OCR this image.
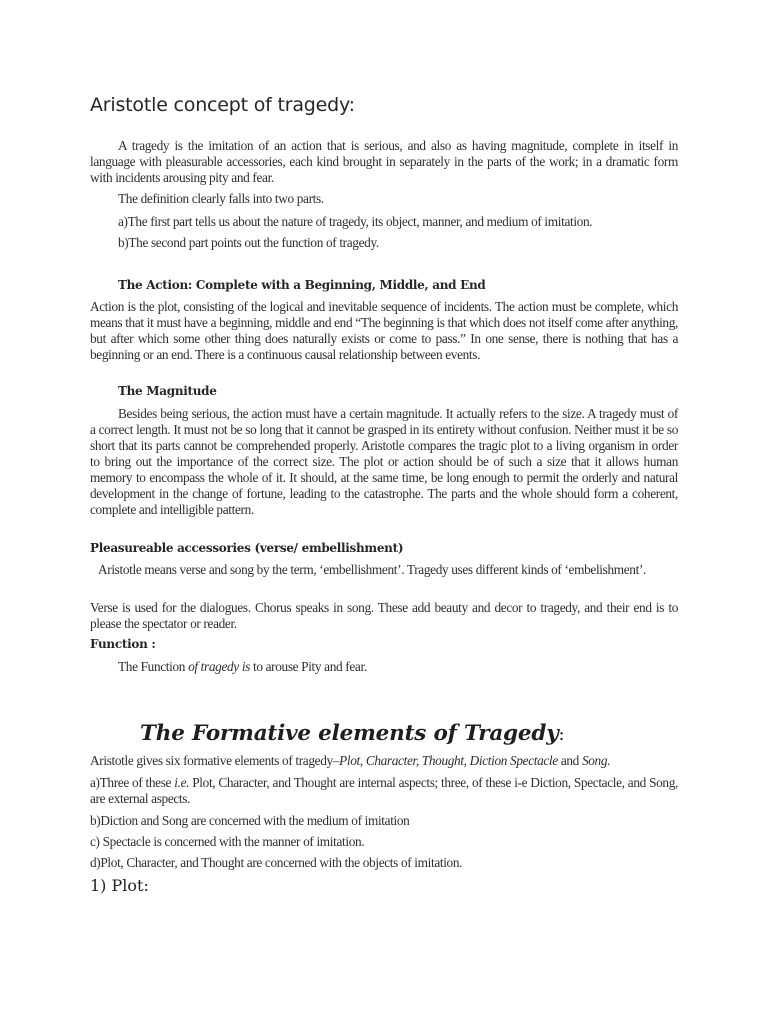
Aristotle concept of tragedy:

A tragedy is the imitation of an action that is serious, and also as having magnitude, complete in itself in language with pleasurable accessories, each kind brought in separately in the parts of the work; in a dramatic form with incidents arousing pity and fear.

The definition clearly falls into two parts.

a)The first part tells us about the nature of tragedy, its object, manner, and medium of imitation.

b)The second part points out the function of tragedy.

The Action: Complete with a Beginning, Middle, and End

Action is the plot, consisting of the logical and inevitable sequence of incidents. The action must be complete, which means that it must have a beginning, middle and end “The beginning is that which does not itself come after anything, but after which some other thing does naturally exists or come to pass.” In one sense, there is nothing that has a beginning or an end. There is a continuous causal relationship between events.

The Magnitude

Besides being serious, the action must have a certain magnitude. It actually refers to the size. A tragedy must of a correct length. It must not be so long that it cannot be grasped in its entirety without confusion. Neither must it be so short that its parts cannot be comprehended properly. Aristotle compares the tragic plot to a living organism in order to bring out the importance of the correct size. The plot or action should be of such a size that it allows human memory to encompass the whole of it. It should, at the same time, be long enough to permit the orderly and natural development in the change of fortune, leading to the catastrophe. The parts and the whole should form a coherent, complete and intelligible pattern.

Pleasureable accessories (verse/ embellishment)

Aristotle means verse and song by the term, ‘embellishment’. Tragedy uses different kinds of ‘embelishment’.

Verse is used for the dialogues. Chorus speaks in song. These add beauty and decor to tragedy, and their end is to please the spectator or reader.

Function :

The Function of tragedy is to arouse Pity and fear.

The Formative elements of Tragedy:

Aristotle gives six formative elements of tragedy–Plot, Character, Thought, Diction Spectacle and Song.

a)Three of these i.e. Plot, Character, and Thought are internal aspects; three, of these i-e Diction, Spectacle, and Song, are external aspects.

b)Diction and Song are concerned with the medium of imitation

c) Spectacle is concerned with the manner of imitation.

d)Plot, Character, and Thought are concerned with the objects of imitation.

1) Plot:
